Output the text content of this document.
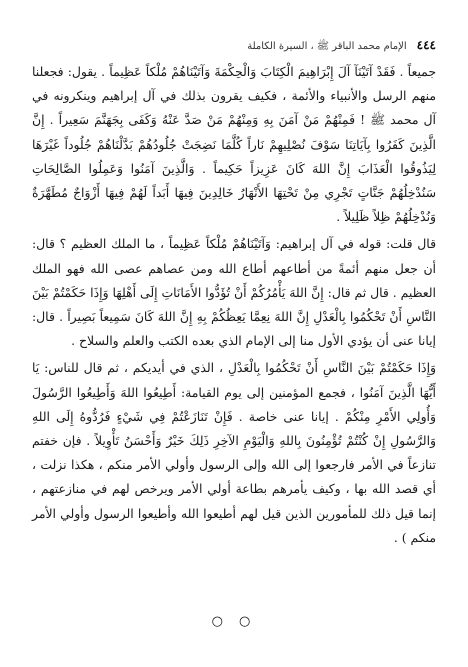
٤٤٤
الإمام محمد الباقر ﷺ ، السيرة الكاملة

جميعاً . فَقَدْ آتَيْنَآ آلَ إِبْرَاهِيمَ الْكِتَابَ وَالْحِكْمَةَ وَآتَيْنَاهُمْ مُلْكاً عَظِيماً . يقول: فجعلنا منهم الرسل والأنبياء والأئمة ، فكيف يقرون بذلك في آل إبراهيم وينكرونه في آل محمد ﷺ ! فَمِنْهُمْ مَنْ آمَنَ بِهِ وَمِنْهُمْ مَنْ صَدَّ عَنْهُ وَكَفَى بِجَهَنَّمَ سَعِيراً . إِنَّ الَّذِينَ كَفَرُوا بِآيَاتِنَا سَوْفَ نُصْلِيهِمْ نَاراً كُلَّمَا نَضِجَتْ جُلُودُهُمْ بَدَّلْنَاهُمْ جُلُوداً غَيْرَهَا لِيَذُوقُوا الْعَذَابَ إِنَّ اللهَ كَانَ عَزِيزاً حَكِيماً . وَالَّذِينَ آمَنُوا وَعَمِلُوا الصَّالِحَاتِ سَنُدْخِلُهُمْ جَنَّاتٍ تَجْرِي مِنْ تَحْتِهَا الأَنْهَارُ خَالِدِينَ فِيهَا أَبَداً لَهُمْ فِيهَا أَزْوَاجٌ مُطَهَّرَةٌ وَنُدْخِلُهُمْ ظِلاً ظَلِيلاً .

قال قلت: قوله في آل إبراهيم: وَآتَيْنَاهُمْ مُلْكاً عَظِيماً ، ما الملك العظيم ؟ قال: أن جعل منهم أئمةً من أطاعهم أطاع الله ومن عصاهم عصى الله فهو الملك العظيم . قال ثم قال: إِنَّ اللهَ يَأْمُرُكُمْ أَنْ تُؤَدُّوا الأَمَانَاتِ إِلَى أَهْلِهَا وَإِذَا حَكَمْتُمْ بَيْنَ النَّاسِ أَنْ تَحْكُمُوا بِالْعَدْلِ إِنَّ اللهَ نِعِمَّا يَعِظُكُمْ بِهِ إِنَّ اللهَ كَانَ سَمِيعاً بَصِيراً . قال: إيانا عنى أن يؤدي الأول منا إلى الإمام الذي بعده الكتب والعلم والسلاح .

وَإِذَا حَكَمْتُمْ بَيْنَ النَّاسِ أَنْ تَحْكُمُوا بِالْعَدْلِ ، الذي في أيديكم ، ثم قال للناس: يَا أَيُّهَا الَّذِينَ آمَنُوا ، فجمع المؤمنين إلى يوم القيامة: أَطِيعُوا اللهَ وَأَطِيعُوا الرَّسُولَ وَأُولِي الأَمْرِ مِنْكُمْ . إيانا عنى خاصة . فَإِنْ تَنَازَعْتُمْ فِي شَيْءٍ فَرُدُّوهُ إِلَى اللهِ وَالرَّسُولِ إِنْ كُنْتُمْ تُؤْمِنُونَ بِاللهِ وَالْيَوْمِ الآخِرِ ذَلِكَ خَيْرٌ وَأَحْسَنُ تَأْوِيلاً . فإن خفتم تنازعاً في الأمر فارجعوا إلى الله وإلى الرسول وأولي الأمر منكم ، هكذا نزلت ، أي قصد الله بها ، وكيف يأمرهم بطاعة أولي الأمر ويرخص لهم في منازعتهم ، إنما قيل ذلك للمأمورين الذين قيل لهم أطيعوا الله وأطيعوا الرسول وأولي الأمر منكم ) .

○ ○
